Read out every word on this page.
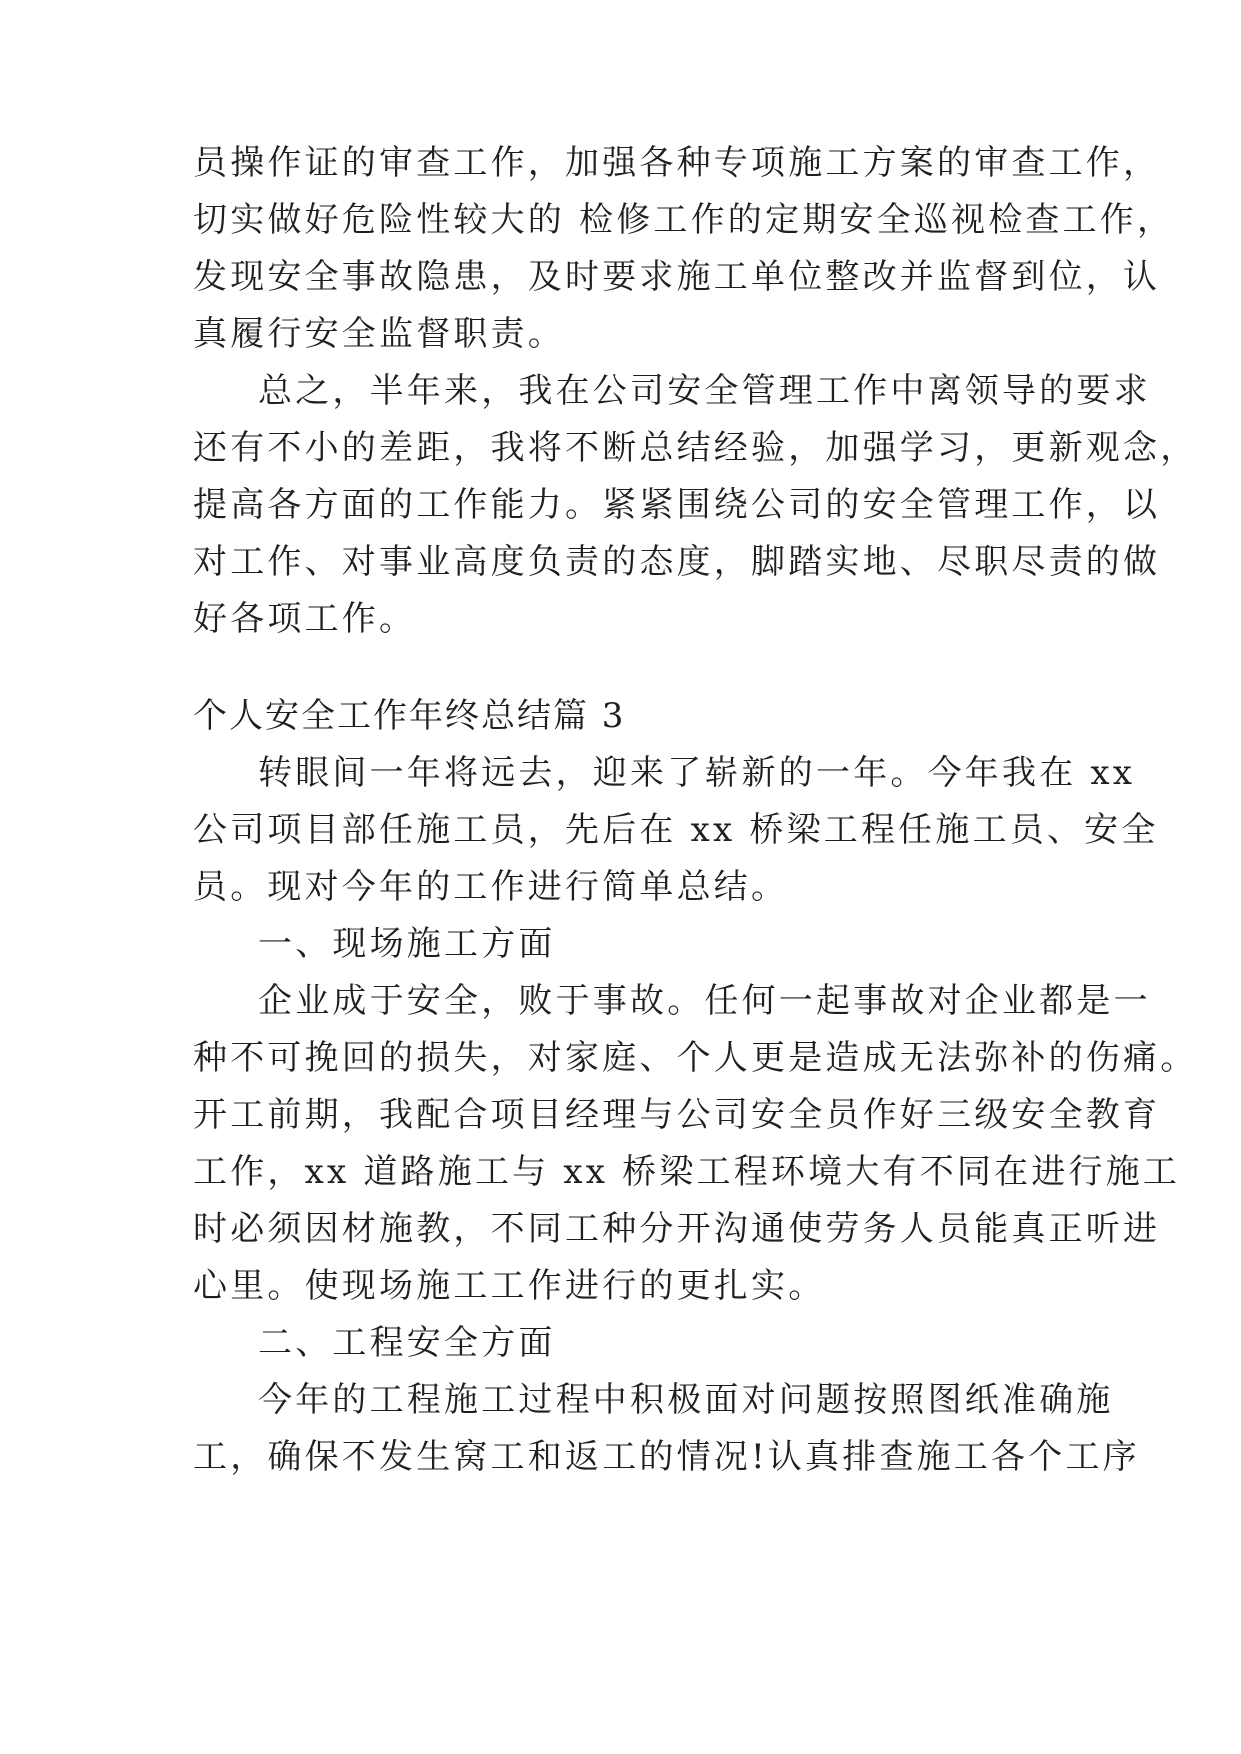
员操作证的审查工作，加强各种专项施工方案的审查工作，
切实做好危险性较大的 检修工作的定期安全巡视检查工作，
发现安全事故隐患，及时要求施工单位整改并监督到位，认
真履行安全监督职责。
总之，半年来，我在公司安全管理工作中离领导的要求
还有不小的差距，我将不断总结经验，加强学习，更新观念，
提高各方面的工作能力。紧紧围绕公司的安全管理工作，以
对工作、对事业高度负责的态度，脚踏实地、尽职尽责的做
好各项工作。
个人安全工作年终总结篇 3
转眼间一年将远去，迎来了崭新的一年。今年我在 xx
公司项目部任施工员，先后在 xx 桥梁工程任施工员、安全
员。现对今年的工作进行简单总结。
一、现场施工方面
企业成于安全，败于事故。任何一起事故对企业都是一
种不可挽回的损失，对家庭、个人更是造成无法弥补的伤痛。
开工前期，我配合项目经理与公司安全员作好三级安全教育
工作，xx 道路施工与 xx 桥梁工程环境大有不同在进行施工
时必须因材施教，不同工种分开沟通使劳务人员能真正听进
心里。使现场施工工作进行的更扎实。
二、工程安全方面
今年的工程施工过程中积极面对问题按照图纸准确施
工，确保不发生窝工和返工的情况!认真排查施工各个工序
